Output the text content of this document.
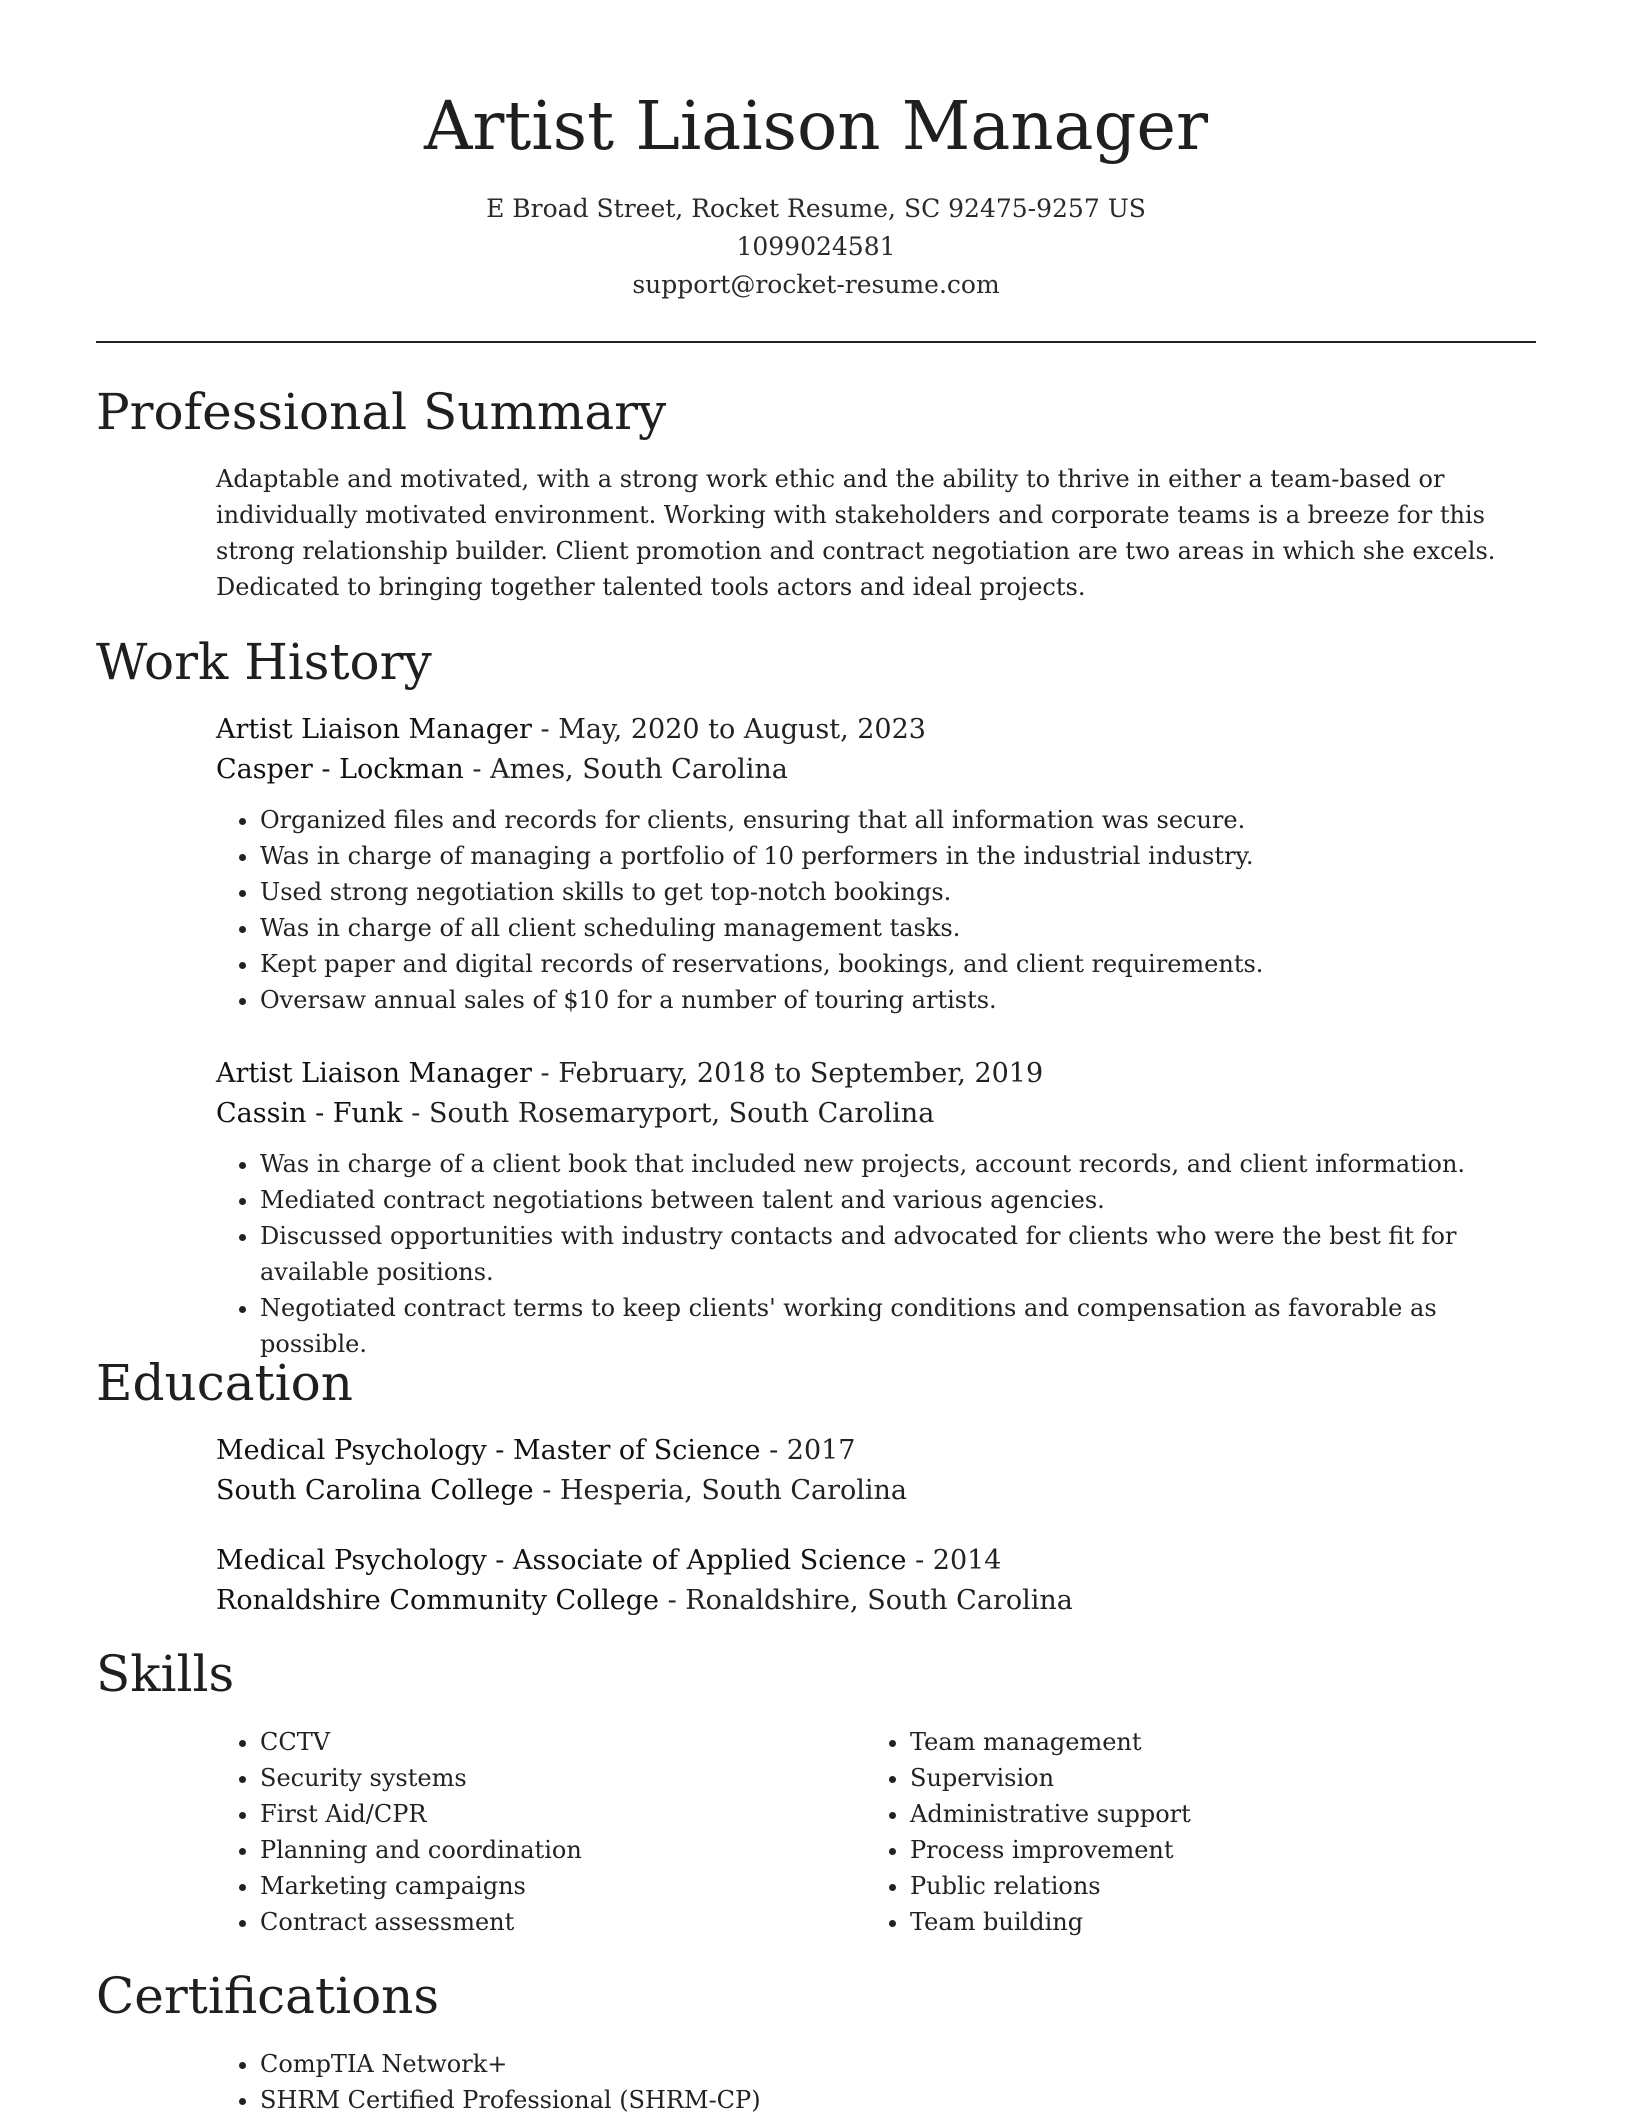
Artist Liaison Manager
E Broad Street, Rocket Resume, SC 92475-9257 US
1099024581
support@rocket-resume.com
Professional Summary

Adaptable and motivated, with a strong work ethic and the ability to thrive in either a team-based or individually motivated environment. Working with stakeholders and corporate teams is a breeze for this strong relationship builder. Client promotion and contract negotiation are two areas in which she excels. Dedicated to bringing together talented tools actors and ideal projects.

Work History
Artist Liaison Manager - May, 2020 to August, 2023
Casper - Lockman - Ames, South Carolina
• Organized files and records for clients, ensuring that all information was secure.
• Was in charge of managing a portfolio of 10 performers in the industrial industry.
• Used strong negotiation skills to get top-notch bookings.
• Was in charge of all client scheduling management tasks.
• Kept paper and digital records of reservations, bookings, and client requirements.
• Oversaw annual sales of $10 for a number of touring artists.
Artist Liaison Manager - February, 2018 to September, 2019
Cassin - Funk - South Rosemaryport, South Carolina
• Was in charge of a client book that included new projects, account records, and client information.
• Mediated contract negotiations between talent and various agencies.
• Discussed opportunities with industry contacts and advocated for clients who were the best fit for available positions.
• Negotiated contract terms to keep clients' working conditions and compensation as favorable as possible.
Education
Medical Psychology - Master of Science - 2017
South Carolina College - Hesperia, South Carolina
Medical Psychology - Associate of Applied Science - 2014
Ronaldshire Community College - Ronaldshire, South Carolina
Skills
• CCTV
• Security systems
• First Aid/CPR
• Planning and coordination
• Marketing campaigns
• Contract assessment
• Team management
• Supervision
• Administrative support
• Process improvement
• Public relations
• Team building
Certifications
• CompTIA Network+
• SHRM Certified Professional (SHRM-CP)
